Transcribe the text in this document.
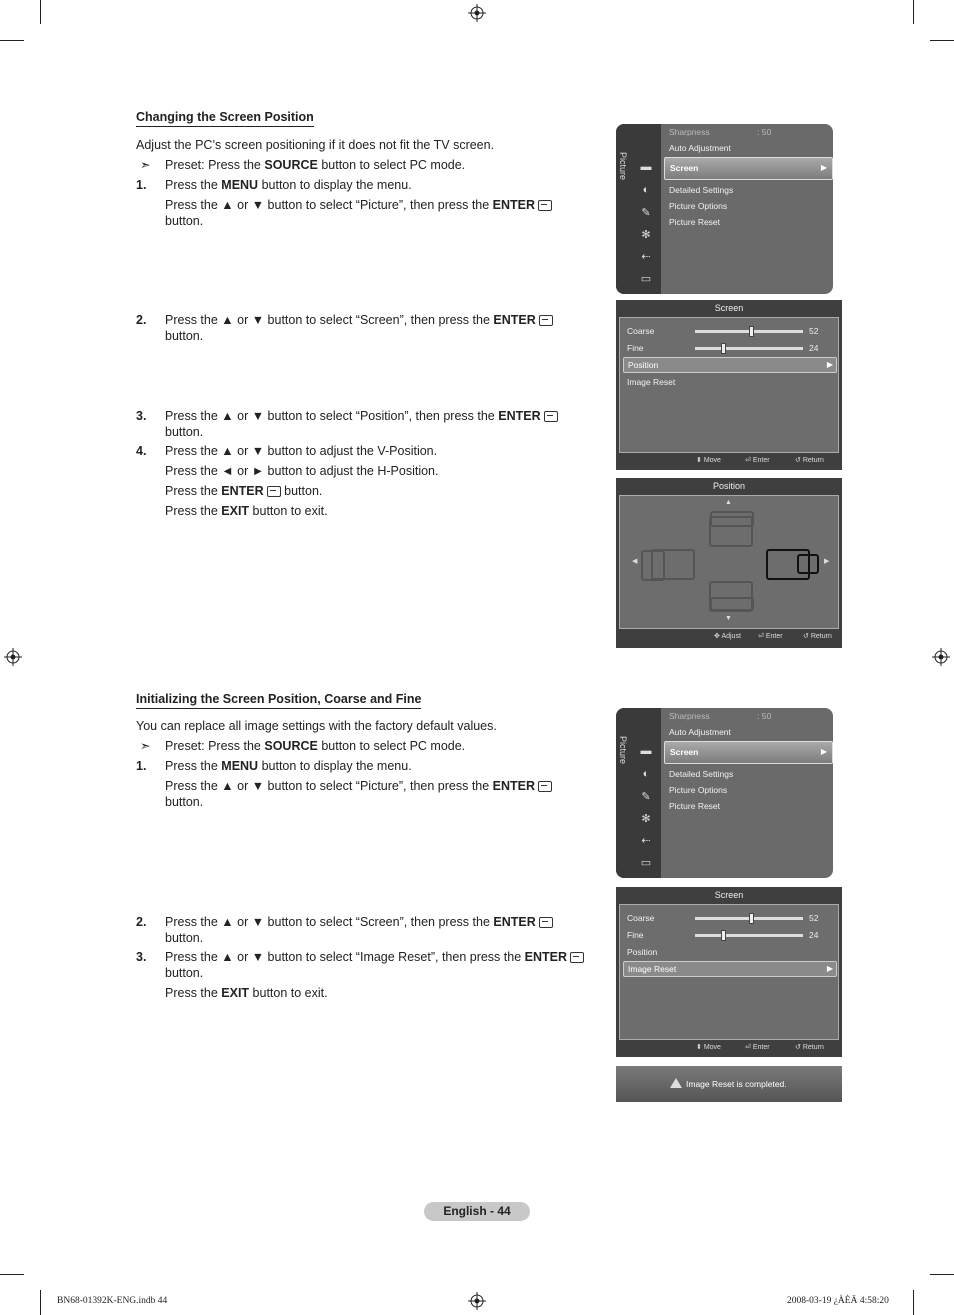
Changing the Screen Position
Adjust the PC’s screen positioning if it does not fit the TV screen.
➣ Preset: Press the SOURCE button to select PC mode.
1. Press the MENU button to display the menu.
Press the ▲ or ▼ button to select “Picture”, then press the ENTER
button.
2. Press the ▲ or ▼ button to select “Screen”, then press the ENTER
button.
3. Press the ▲ or ▼ button to select “Position”, then press the ENTER
button.
4. Press the ▲ or ▼ button to adjust the V-Position.
Press the ◄ or ► button to adjust the H-Position.
Press the ENTER button.
Press the EXIT button to exit.
Picture ▬
◐
✎
✻
⇠
▭
Sharpness	: 50
Auto Adjustment
Screen	▶
Detailed Settings
Picture Options
Picture Reset
Screen
Coarse	52
Fine	24
Position	▶
Image Reset
⬍ Move	⏎ Enter	↺ Return
Position
▲
◀	▶
▼
✥ Adjust ⏎ Enter	↺ Return
Initializing the Screen Position, Coarse and Fine
You can replace all image settings with the factory default values.
➣ Preset: Press the SOURCE button to select PC mode.
1. Press the MENU button to display the menu.
Press the ▲ or ▼ button to select “Picture”, then press the ENTER
button.
2. Press the ▲ or ▼ button to select “Screen”, then press the ENTER
button.
3. Press the ▲ or ▼ button to select “Image Reset”, then press the ENTER
button.
Press the EXIT button to exit.
Picture ▬
◐
✎
✻
⇠
▭
Sharpness	: 50
Auto Adjustment
Screen	▶
Detailed Settings
Picture Options
Picture Reset
Screen
Coarse	52
Fine	24
Position
Image Reset	▶
⬍ Move	⏎ Enter	↺ Return
Image Reset is completed.
English - 44
BN68-01392K-ENG.indb 44	2008-03-19 ¿ÀÈÄ 4:58:20
